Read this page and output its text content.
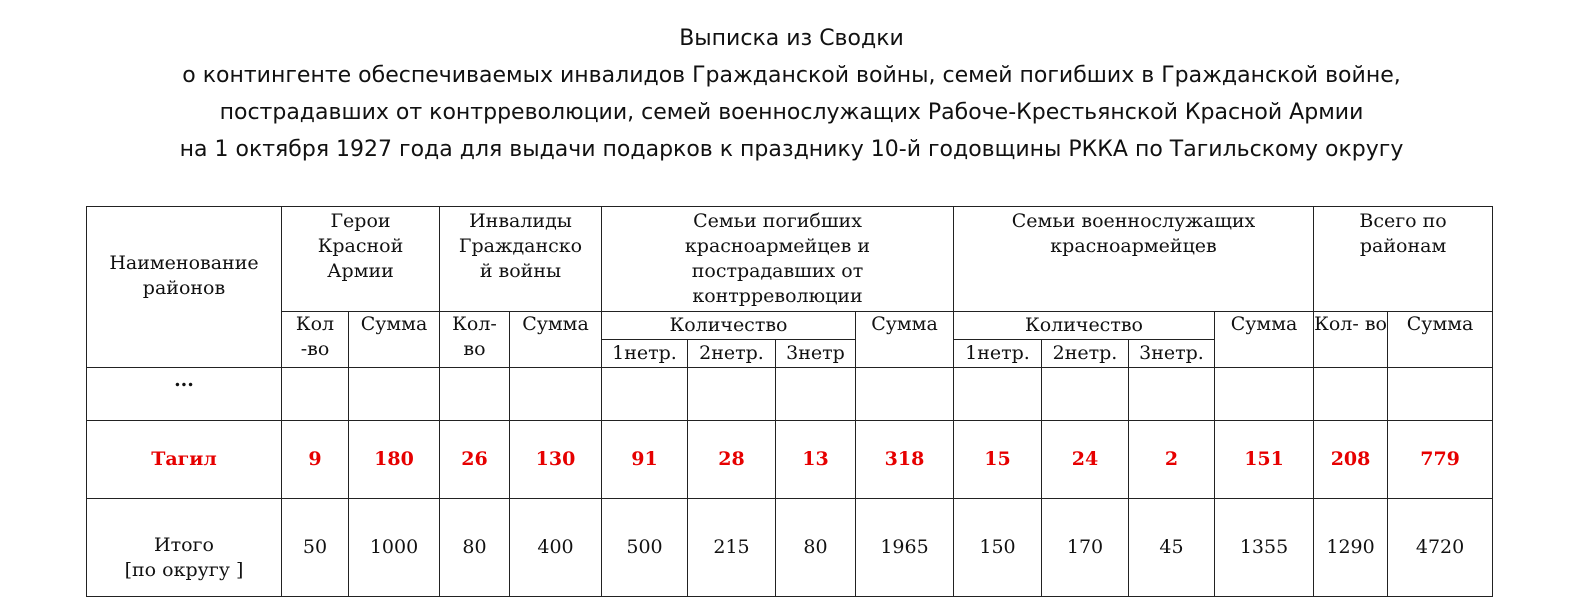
Выписка из Сводки
о контингенте обеспечиваемых инвалидов Гражданской войны, семей погибших в Гражданской войне,
пострадавших от контрреволюции, семей военнослужащих Рабоче-Крестьянской Красной Армии
на 1 октября 1927 года для выдачи подарков к празднику 10-й годовщины РККА по Тагильскому округу
Наименование районов	Герои Красной Армии		Инвалиды Гражданско й войны		Семьи погибших красноармейцев и пострадавших от контрреволюции				Семьи военнослужащих красноармейцев				Всего по районам	
	Кол -во	Сумма	Кол- во	Сумма	Количество			Сумма	Количество			Сумма	Кол- во	Сумма
					1нетр.	2нетр.	3нетр		1нетр.	2нетр.	3нетр.			
...														
Тагил	9	180	26	130	91	28	13	318	15	24	2	151	208	779

Итого
[по округу ]	50	1000	80	400	500	215	80	1965	150	170	45	1355	1290	4720
